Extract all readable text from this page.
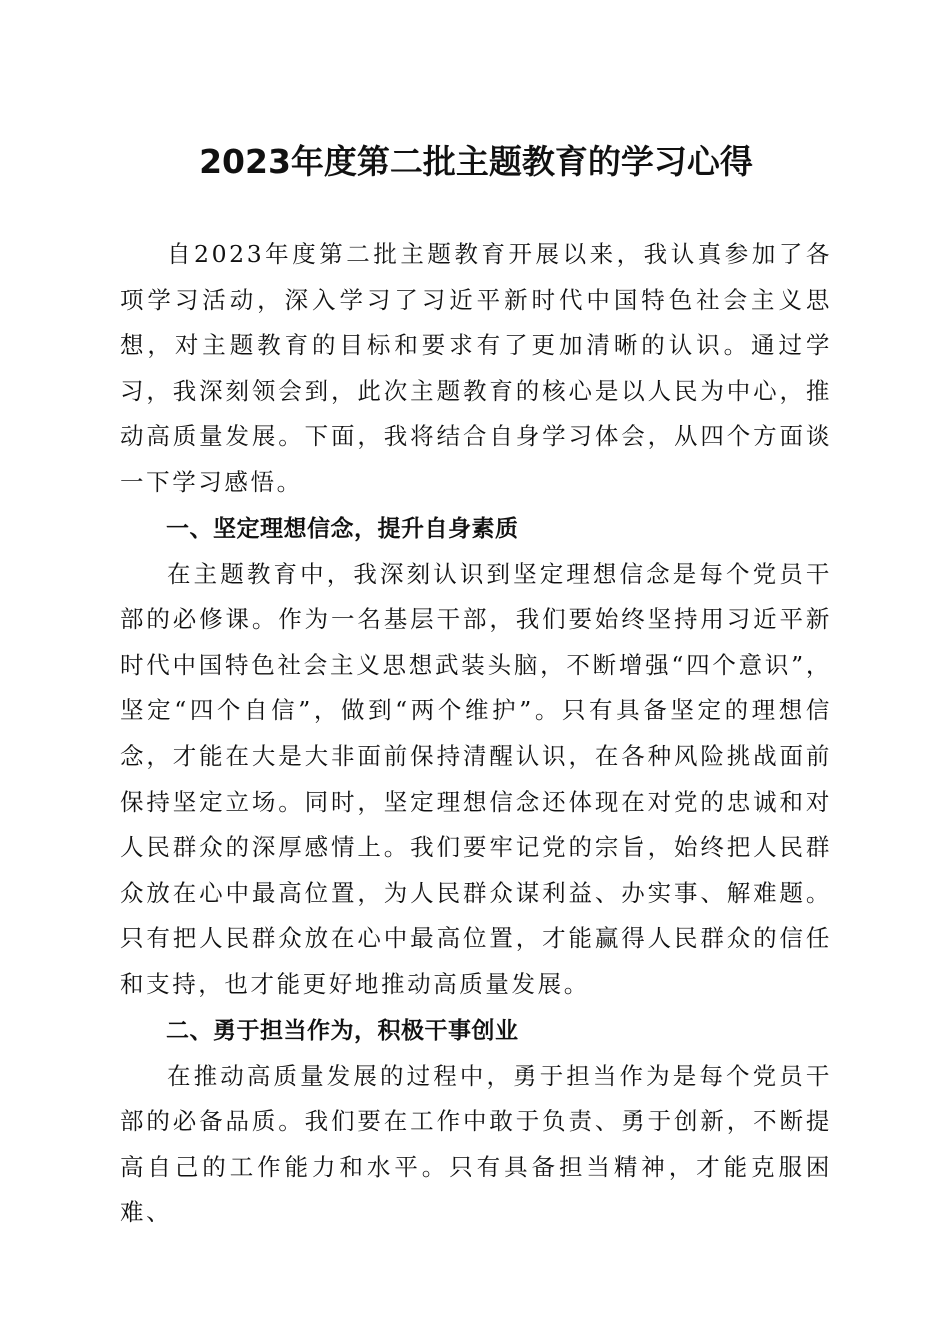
2023年度第二批主题教育的学习心得

自2023年度第二批主题教育开展以来，我认真参加了各项学习活动，深入学习了习近平新时代中国特色社会主义思想，对主题教育的目标和要求有了更加清晰的认识。通过学习，我深刻领会到，此次主题教育的核心是以人民为中心，推动高质量发展。下面，我将结合自身学习体会，从四个方面谈一下学习感悟。

一、坚定理想信念，提升自身素质

在主题教育中，我深刻认识到坚定理想信念是每个党员干部的必修课。作为一名基层干部，我们要始终坚持用习近平新时代中国特色社会主义思想武装头脑，不断增强“四个意识”，坚定“四个自信”，做到“两个维护”。只有具备坚定的理想信念，才能在大是大非面前保持清醒认识，在各种风险挑战面前保持坚定立场。同时，坚定理想信念还体现在对党的忠诚和对人民群众的深厚感情上。我们要牢记党的宗旨，始终把人民群众放在心中最高位置，为人民群众谋利益、办实事、解难题。只有把人民群众放在心中最高位置，才能赢得人民群众的信任和支持，也才能更好地推动高质量发展。

二、勇于担当作为，积极干事创业

在推动高质量发展的过程中，勇于担当作为是每个党员干部的必备品质。我们要在工作中敢于负责、勇于创新，不断提高自己的工作能力和水平。只有具备担当精神，才能克服困难、
